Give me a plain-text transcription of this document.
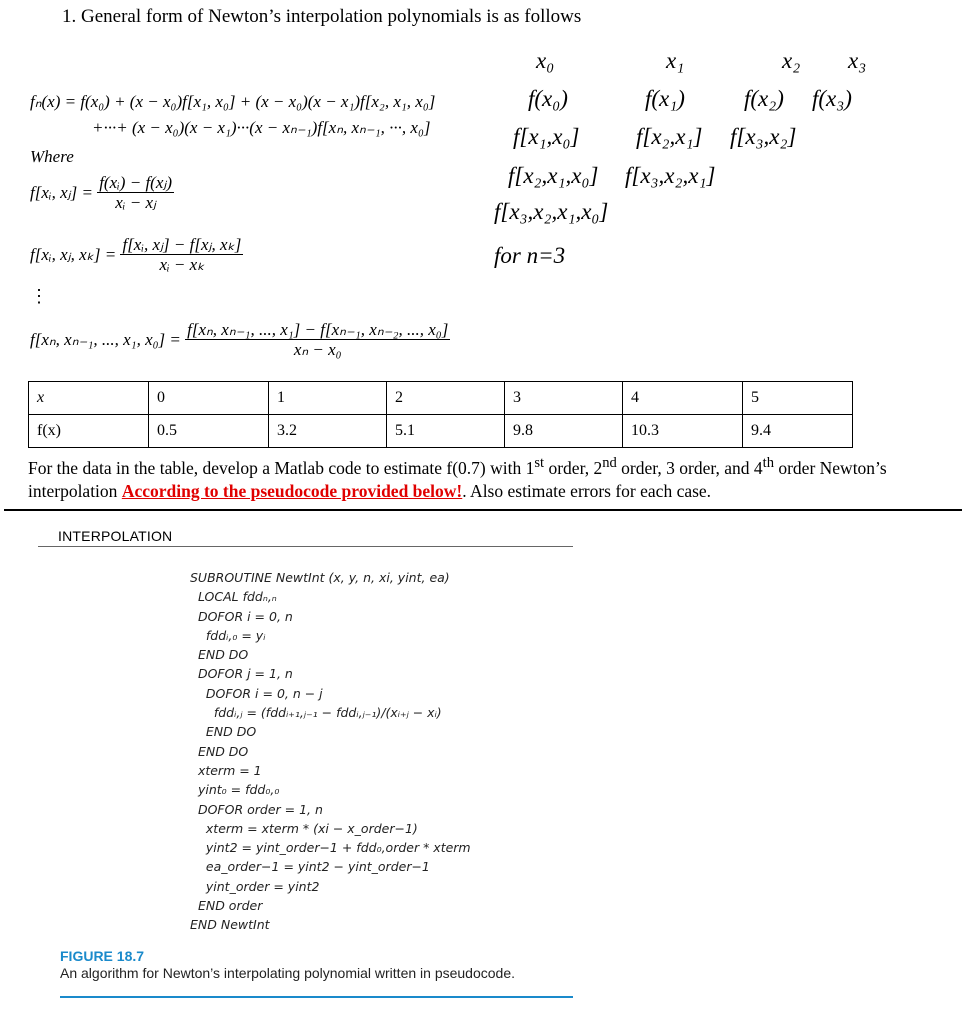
1. General form of Newton’s interpolation polynomials is as follows
fₙ(x) = f(x₀) + (x − x₀)f[x₁, x₀] + (x − x₀)(x − x₁)f[x₂, x₁, x₀]
+···+ (x − x₀)(x − x₁)···(x − xₙ₋₁)f[xₙ, xₙ₋₁, ···, x₀]
Where
f[xᵢ, xⱼ] = $\frac{\text{f(xᵢ) − f(xⱼ)}}{\text{xᵢ − xⱼ}}$
f[xᵢ, xⱼ, $x_k] = \frac{\text{f[xᵢ, xⱼ] − f[xⱼ, xₖ]}}{\text{xᵢ − xₖ}}$
⋮
f[xₙ, xₙ₋₁, ..., x₁, $x_0] = \frac{\text{f[xₙ, xₙ₋₁, ..., x₁] − f[xₙ₋₁, xₙ₋₂, ..., x₀]}}{\text{xₙ − x₀}}$
x₀	x₁	x₂ x₃
f(x₀)	f(x₁)	f(x₂) f(x₃)
f[x₁,x₀] f[x₂,x₁] f[x₃,x₂]
f[x₂,x₁,x₀] f[x₃,x₂,x₁]
f[x₃,x₂,x₁,x₀]
for n=3
x	0	1	2	3	4	5
f(x)	0.5	3.2	5.1	9.8	10.3	9.4
For the data in the table, develop a Matlab code to estimate f(0.7) with 1st order, 2nd order, 3 order, and 4th order Newton’s interpolation According to the pseudocode provided below!. Also estimate errors for each case.
INTERPOLATION
SUBROUTINE NewtInt (x, y, n, xi, yint, ea)
LOCAL fddₙ,ₙ
DOFOR i = 0, n
fddᵢ,₀ = yᵢ
END DO
DOFOR j = 1, n
DOFOR i = 0, n − j
fddᵢ,ⱼ = (fddᵢ₊₁,ⱼ₋₁ − fddᵢ,ⱼ₋₁)/(xᵢ₊ⱼ − xᵢ)
END DO
END DO
xterm = 1
yint₀ = fdd₀,₀
DOFOR order = 1, n
xterm = xterm * (xi − x_order−1)
yint2 = yint_order−1 + fdd₀,order * xterm
ea_order−1 = yint2 − yint_order−1
yint_order = yint2
END order
END NewtInt
FIGURE 18.7
An algorithm for Newton’s interpolating polynomial written in pseudocode.
